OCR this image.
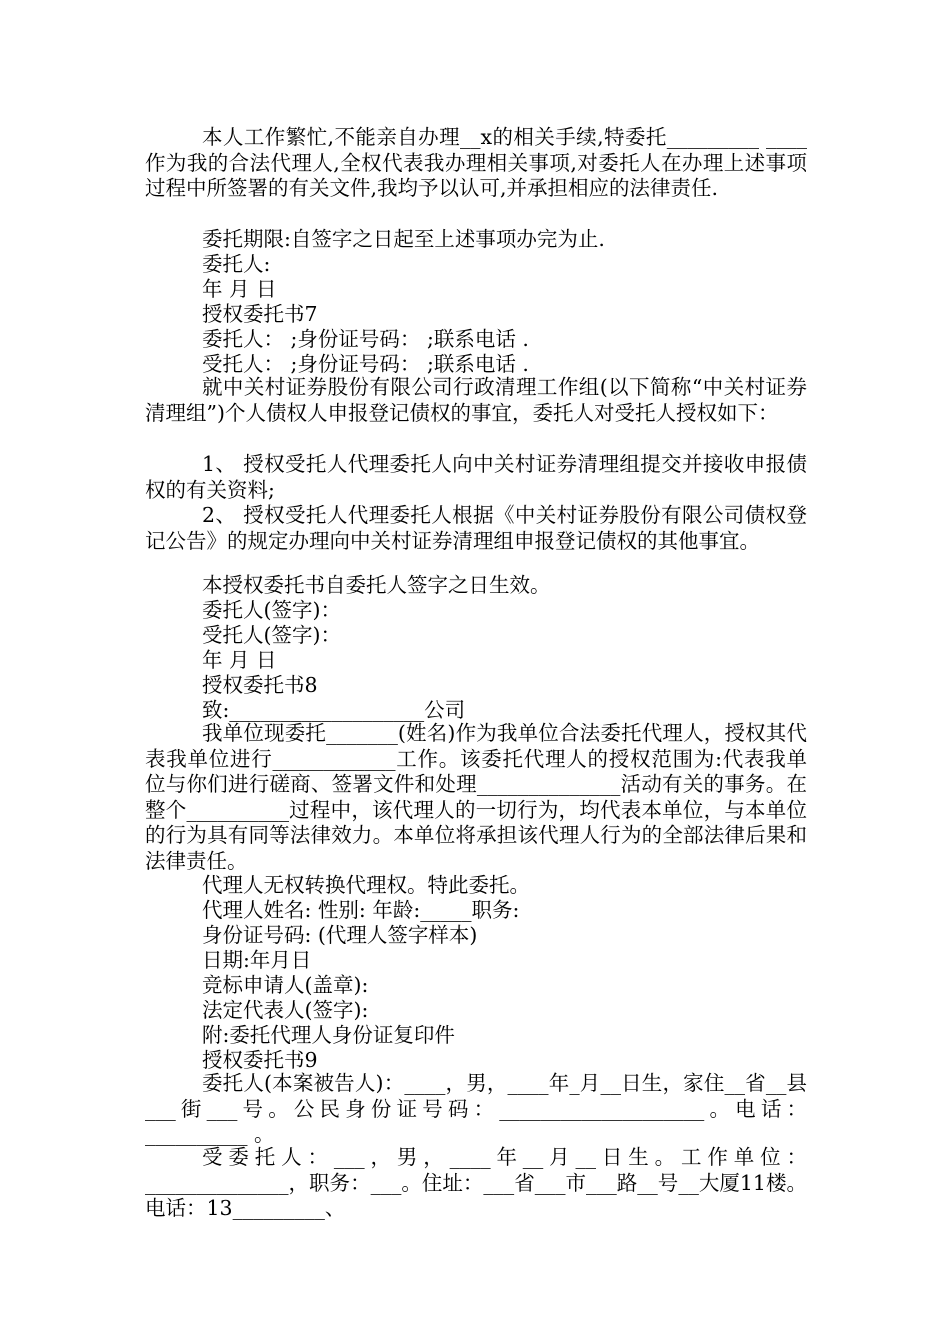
本人工作繁忙,不能亲自办理__x的相关手续,特委托_________ ____作为我的合法代理人,全权代表我办理相关事项,对委托人在办理上述事项过程中所签署的有关文件,我均予以认可,并承担相应的法律责任.

委托期限:自签字之日起至上述事项办完为止.
委托人:
年 月 日
授权委托书7
委托人： ;身份证号码： ;联系电话 .
受托人： ;身份证号码： ;联系电话 .

就中关村证券股份有限公司行政清理工作组(以下简称“中关村证券清理组”)个人债权人申报登记债权的事宜，委托人对受托人授权如下：

1、 授权受托人代理委托人向中关村证券清理组提交并接收申报债权的有关资料;

2、 授权受托人代理委托人根据《中关村证券股份有限公司债权登记公告》的规定办理向中关村证券清理组申报登记债权的其他事宜。

本授权委托书自委托人签字之日生效。
委托人(签字)：
受托人(签字)：
年 月 日
授权委托书8
致:___________________公司

我单位现委托_______(姓名)作为我单位合法委托代理人，授权其代表我单位进行____________工作。该委托代理人的授权范围为:代表我单位与你们进行磋商、签署文件和处理______________活动有关的事务。在整个__________过程中，该代理人的一切行为，均代表本单位，与本单位的行为具有同等法律效力。本单位将承担该代理人行为的全部法律后果和法律责任。

代理人无权转换代理权。特此委托。
代理人姓名: 性别: 年龄:_____职务:
身份证号码: (代理人签字样本)
日期:年月日
竞标申请人(盖章):
法定代表人(签字):
附:委托代理人身份证复印件
授权委托书9

委托人(本案被告人)：____，男，____年_月__日生，家住__省__县___街___号。公民身份证号码：____________________。电话：__________ 。

受委托人：___，男，____年__月__日生。工作单位：______________，职务：___。住址：___省___市___路__号__大厦11楼。电话：13_________、
